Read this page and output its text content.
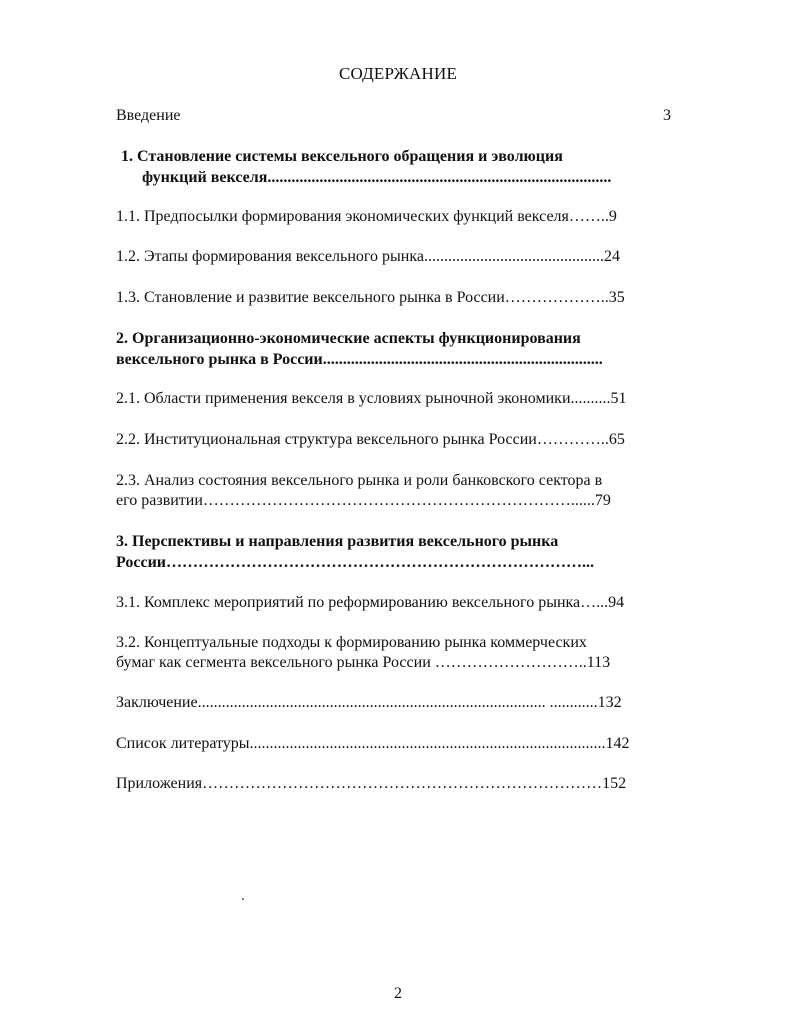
СОДЕРЖАНИЕ
Введение	3
1. Становление системы вексельного обращения и эволюция
функций векселя......................................................................................
1.1. Предпосылки формирования экономических функций векселя……..9
1.2. Этапы формирования вексельного рынка.............................................24
1.3. Становление и развитие вексельного рынка в России………………..35
2. Организационно-экономические аспекты функционирования
вексельного рынка в России......................................................................
2.1. Области применения векселя в условиях рыночной экономики..........51
2.2. Институциональная структура вексельного рынка России…………..65
2.3. Анализ состояния вексельного рынка и роли банковского сектора в
его развитии……………………………………………………………......79
3. Перспективы и направления развития вексельного рынка
России……………………………………………………………………...
3.1. Комплекс мероприятий по реформированию вексельного рынка…...94
3.2. Концептуальные подходы к формированию рынка коммерческих
бумаг как сегмента вексельного рынка России ………………………..113
Заключение....................................................................................... ............132
Список литературы.........................................................................................142
Приложения…………………………………………………………………152
2
